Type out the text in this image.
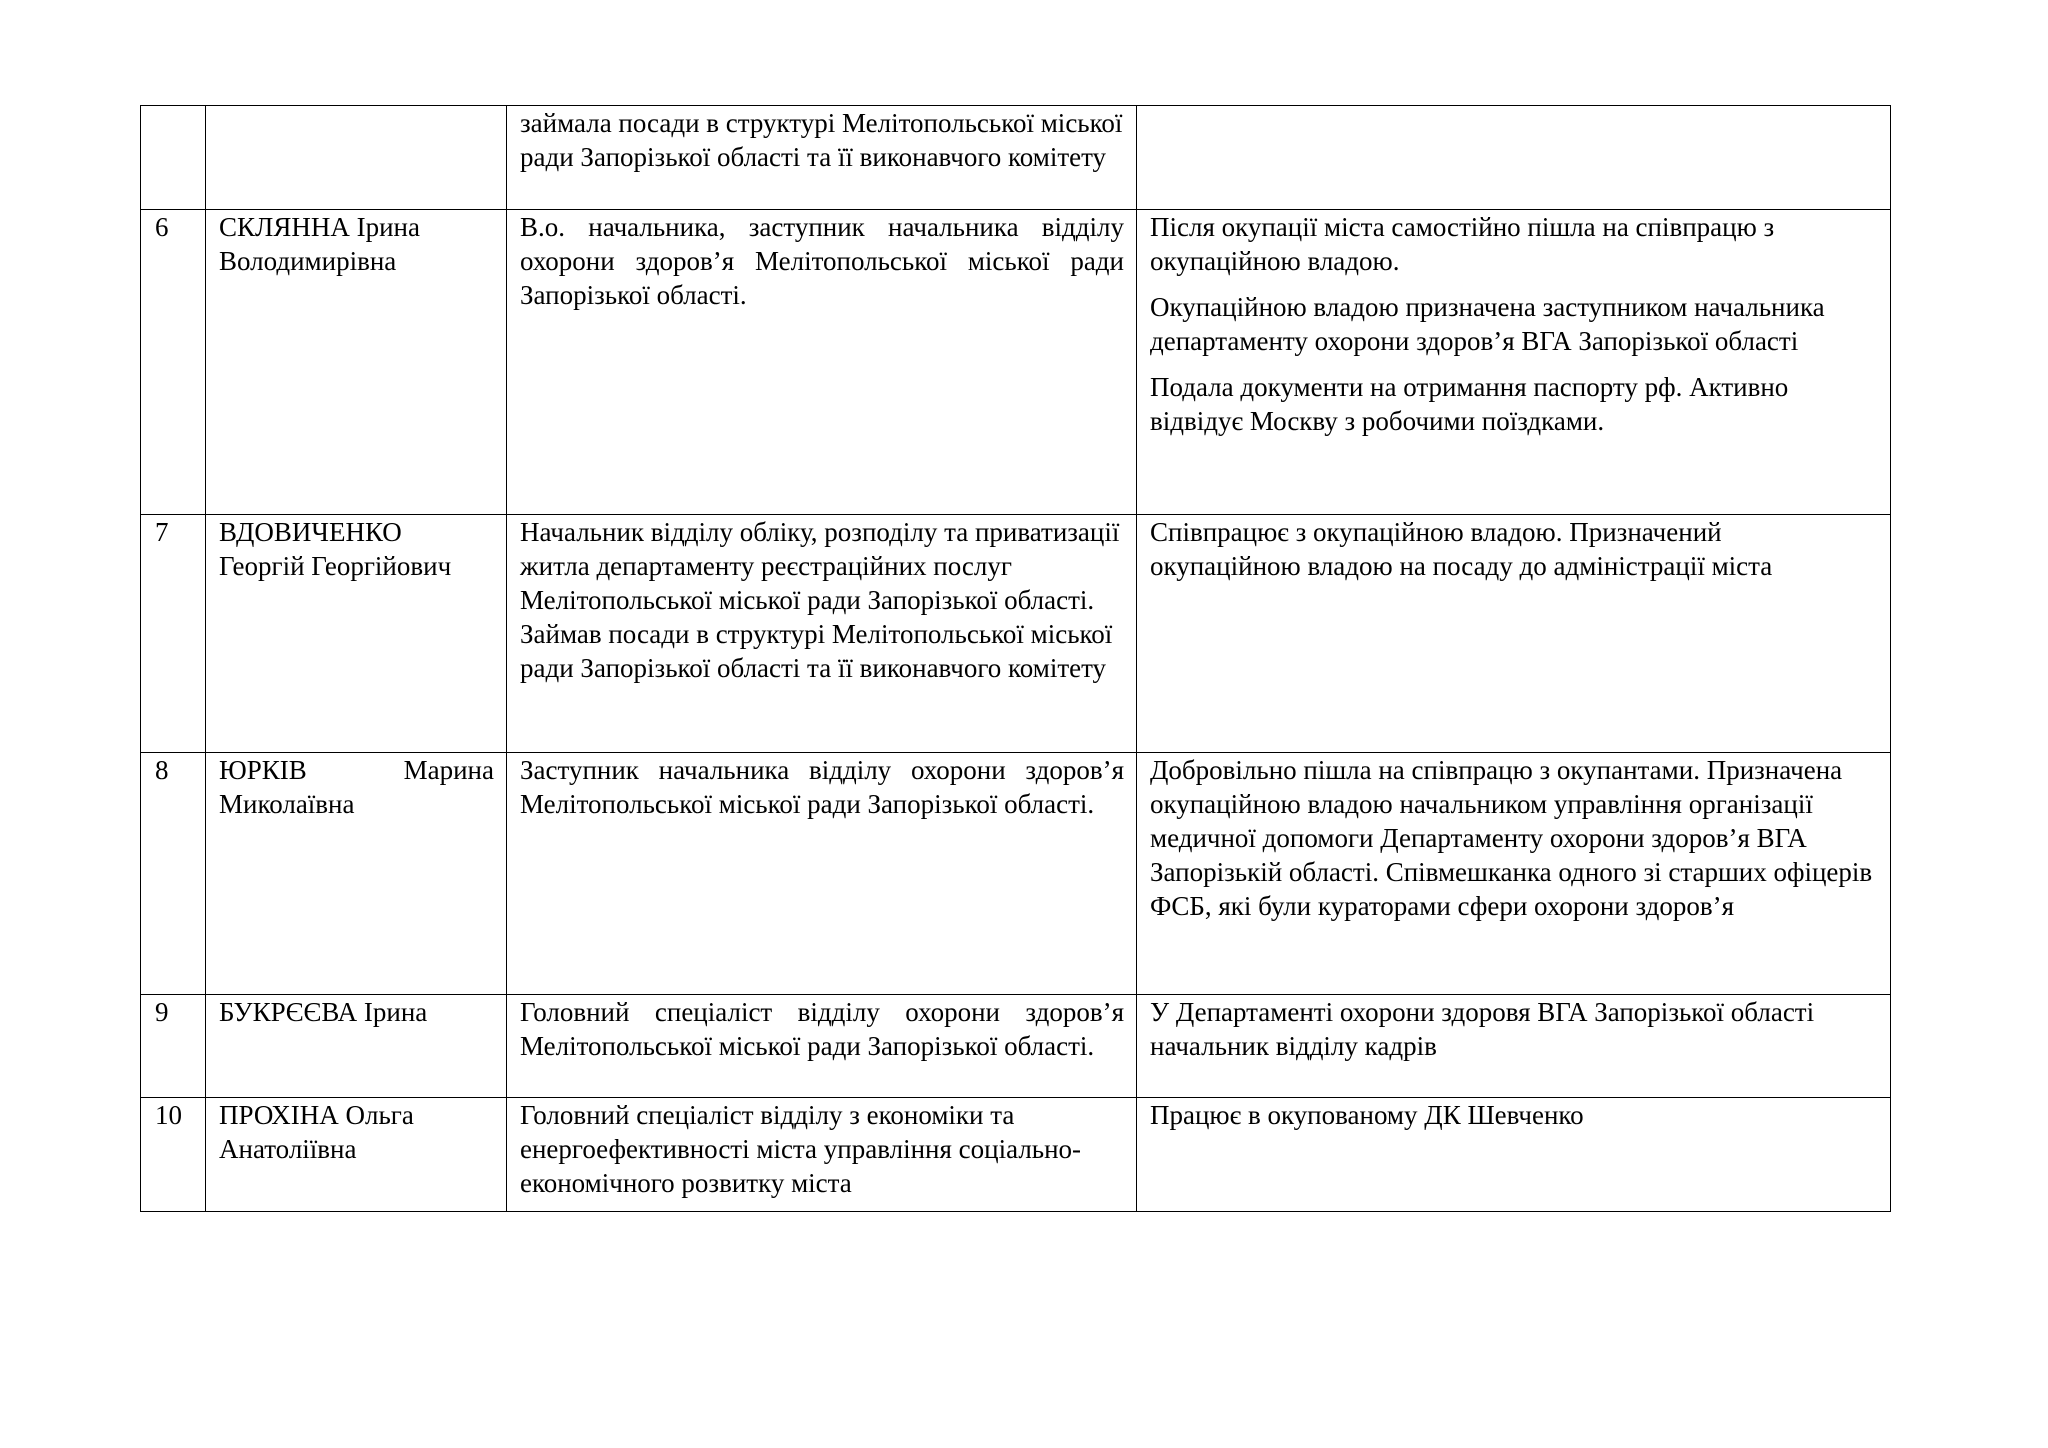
		займала посади в структурі Мелітопольської міської ради Запорізької області та її виконавчого комітету	
6	СКЛЯННА Ірина Володимирівна	В.о. начальника, заступник начальника відділу охорони здоров’я Мелітопольської міської ради Запорізької області.	Після окупації міста самостійно пішла на співпрацю з окупаційною владою.

Окупаційною владою призначена заступником начальника департаменту охорони здоров’я ВГА Запорізької області

Подала документи на отримання паспорту рф. Активно відвідує Москву з робочими поїздками.

7	ВДОВИЧЕНКО Георгій Георгійович	Начальник відділу обліку, розподілу та приватизації житла департаменту реєстраційних послуг Мелітопольської міської ради Запорізької області. Займав посади в структурі Мелітопольської міської ради Запорізької області та її виконавчого комітету	Співпрацює з окупаційною владою. Призначений окупаційною владою на посаду до адміністрації міста

8	ЮРКІВ Марина Миколаївна	Заступник начальника відділу охорони здоров’я Мелітопольської міської ради Запорізької області.	Добровільно пішла на співпрацю з окупантами. Призначена окупаційною владою начальником управління організації медичної допомоги Департаменту охорони здоров’я ВГА Запорізькій області. Співмешканка одного зі старших офіцерів ФСБ, які були кураторами сфери охорони здоров’я

9	БУКРЄЄВА Ірина	Головний спеціаліст відділу охорони здоров’я Мелітопольської міської ради Запорізької області.	У Департаменті охорони здоровя ВГА Запорізької області начальник відділу кадрів

10	ПРОХІНА Ольга Анатоліївна	Головний спеціаліст відділу з економіки та енергоефективності міста управління соціально-економічного розвитку міста	Працює в окупованому ДК Шевченко
